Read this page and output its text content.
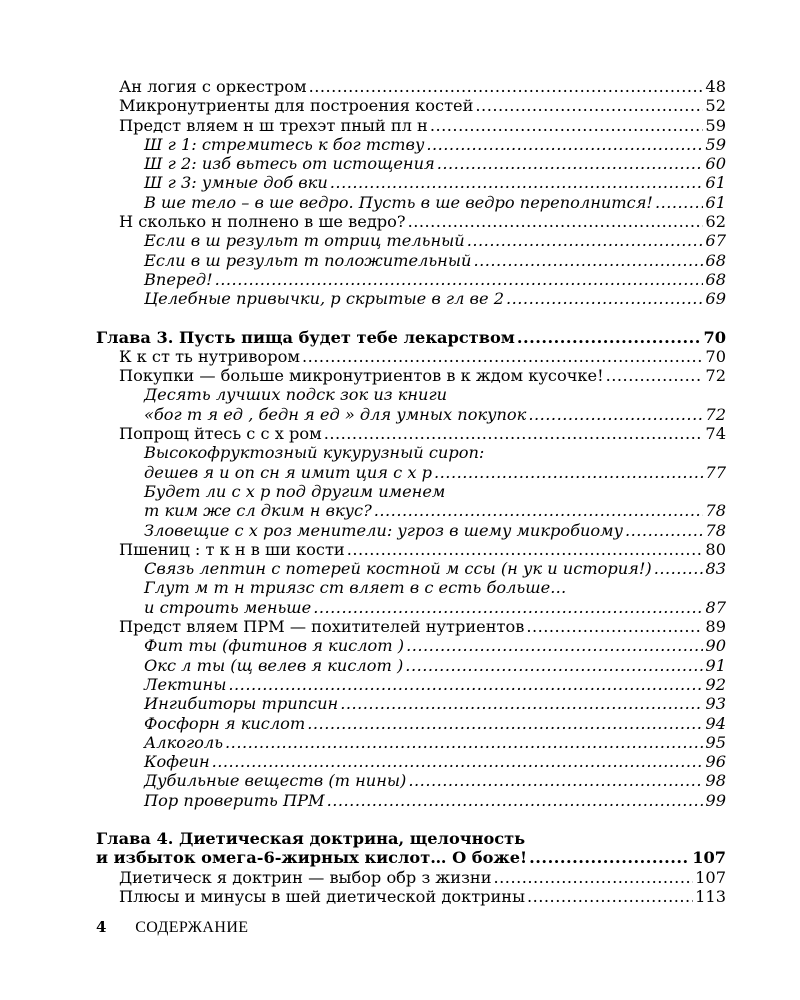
Ан логия с оркестром .....	48
Микронутриенты для построения костей .....	52
Предст вляем н ш трехэт пный пл н .....	59
Ш г 1: стремитесь к бог тству .....	59
Ш г 2: изб вьтесь от истощения .....	60
Ш г 3: умные доб вки .....	61
В ше тело – в ше ведро. Пусть в ше ведро переполнится! .....	61
Н сколько н полнено в ше ведро? .....	62
Если в ш результ т отриц тельный .....	67
Если в ш результ т положительный .....	68
Вперед! .....	68
Целебные привычки, р скрытые в гл ве 2 .....	69
Глава 3. Пусть пища будет тебе лекарством .....	70
К к ст ть нутривором .....	70
Покупки — больше микронутриентов в к ждом кусочке! .....	72
Десять лучших подск зок из книги
«бог т я ед , бедн я ед » для умных покупок .....	72
Попрощ йтесь с с х ром .....	74
Высокофруктозный кукурузный сироп:
дешев я и оп сн я имит ция с х р .....	77
Будет ли с х р под другим именем
т ким же сл дким н вкус? .....	78
Зловещие с х роз менители: угроз в шему микробиому .....	78
Пшениц : т к н в ши кости .....	80
Связь лептин с потерей костной м ссы (н ук и история!) .....	83
Глут м т н триязс ст вляет в с есть больше…
и строить меньше .....	87
Предст вляем ПРМ — похитителей нутриентов .....	89
Фит ты (фитинов я кислот ) .....	90
Окс л ты (щ велев я кислот ) .....	91
Лектины .....	92
Ингибиторы трипсин .....	93
Фосфорн я кислот .....	94
Алкоголь .....	95
Кофеин .....	96
Дубильные веществ (т нины) .....	98
Пор проверить ПРМ .....	99
Глава 4. Диетическая доктрина, щелочность
и избыток омега-6-жирных кислот… О боже! .....	107
Диетическ я доктрин — выбор обр з жизни .....	107
Плюсы и минусы в шей диетической доктрины .....	113
4 СОДЕРЖАНИЕ
